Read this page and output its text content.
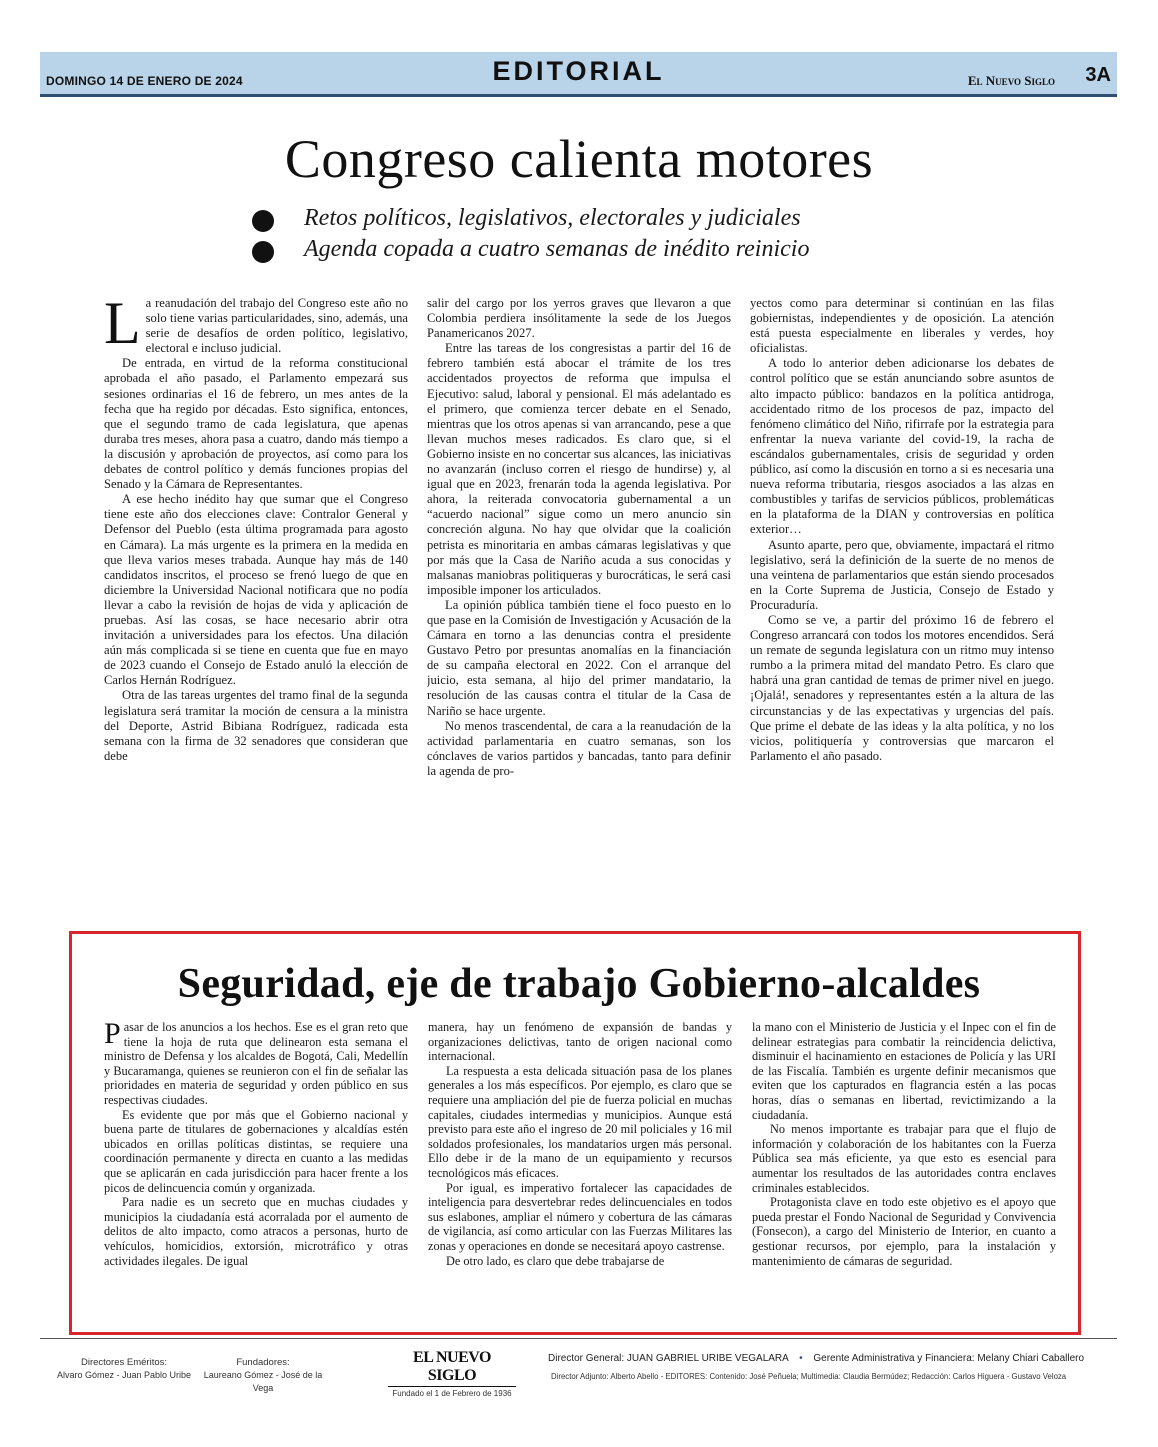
DOMINGO 14 DE ENERO DE 2024	EDITORIAL	El Nuevo Siglo 3A
Congreso calienta motores
Retos políticos, legislativos, electorales y judiciales
Agenda copada a cuatro semanas de inédito reinicio

La reanudación del trabajo del Congreso este año no solo tiene varias particularidades, sino, además, una serie de desafíos de orden político, legislativo, electoral e incluso judicial.

De entrada, en virtud de la reforma constitucional aprobada el año pasado, el Parlamento empezará sus sesiones ordinarias el 16 de febrero, un mes antes de la fecha que ha regido por décadas. Esto significa, entonces, que el segundo tramo de cada legislatura, que apenas duraba tres meses, ahora pasa a cuatro, dando más tiempo a la discusión y aprobación de proyectos, así como para los debates de control político y demás funciones propias del Senado y la Cámara de Representantes.

A ese hecho inédito hay que sumar que el Congreso tiene este año dos elecciones clave: Contralor General y Defensor del Pueblo (esta última programada para agosto en Cámara). La más urgente es la primera en la medida en que lleva varios meses trabada. Aunque hay más de 140 candidatos inscritos, el proceso se frenó luego de que en diciembre la Universidad Nacional notificara que no podía llevar a cabo la revisión de hojas de vida y aplicación de pruebas. Así las cosas, se hace necesario abrir otra invitación a universidades para los efectos. Una dilación aún más complicada si se tiene en cuenta que fue en mayo de 2023 cuando el Consejo de Estado anuló la elección de Carlos Hernán Rodríguez.

Otra de las tareas urgentes del tramo final de la segunda legislatura será tramitar la moción de censura a la ministra del Deporte, Astrid Bibiana Rodríguez, radicada esta semana con la firma de 32 senadores que consideran que debe

salir del cargo por los yerros graves que llevaron a que Colombia perdiera insólitamente la sede de los Juegos Panamericanos 2027.

Entre las tareas de los congresistas a partir del 16 de febrero también está abocar el trámite de los tres accidentados proyectos de reforma que impulsa el Ejecutivo: salud, laboral y pensional. El más adelantado es el primero, que comienza tercer debate en el Senado, mientras que los otros apenas si van arrancando, pese a que llevan muchos meses radicados. Es claro que, si el Gobierno insiste en no concertar sus alcances, las iniciativas no avanzarán (incluso corren el riesgo de hundirse) y, al igual que en 2023, frenarán toda la agenda legislativa. Por ahora, la reiterada convocatoria gubernamental a un “acuerdo nacional” sigue como un mero anuncio sin concreción alguna. No hay que olvidar que la coalición petrista es minoritaria en ambas cámaras legislativas y que por más que la Casa de Nariño acuda a sus conocidas y malsanas maniobras politiqueras y burocráticas, le será casi imposible imponer los articulados.

La opinión pública también tiene el foco puesto en lo que pase en la Comisión de Investigación y Acusación de la Cámara en torno a las denuncias contra el presidente Gustavo Petro por presuntas anomalías en la financiación de su campaña electoral en 2022. Con el arranque del juicio, esta semana, al hijo del primer mandatario, la resolución de las causas contra el titular de la Casa de Nariño se hace urgente.

No menos trascendental, de cara a la reanudación de la actividad parlamentaria en cuatro semanas, son los cónclaves de varios partidos y bancadas, tanto para definir la agenda de pro-

yectos como para determinar si continúan en las filas gobiernistas, independientes y de oposición. La atención está puesta especialmente en liberales y verdes, hoy oficialistas.

A todo lo anterior deben adicionarse los debates de control político que se están anunciando sobre asuntos de alto impacto público: bandazos en la política antidroga, accidentado ritmo de los procesos de paz, impacto del fenómeno climático del Niño, rifirrafe por la estrategia para enfrentar la nueva variante del covid-19, la racha de escándalos gubernamentales, crisis de seguridad y orden público, así como la discusión en torno a si es necesaria una nueva reforma tributaria, riesgos asociados a las alzas en combustibles y tarifas de servicios públicos, problemáticas en la plataforma de la DIAN y controversias en política exterior…

Asunto aparte, pero que, obviamente, impactará el ritmo legislativo, será la definición de la suerte de no menos de una veintena de parlamentarios que están siendo procesados en la Corte Suprema de Justicia, Consejo de Estado y Procuraduría.

Como se ve, a partir del próximo 16 de febrero el Congreso arrancará con todos los motores encendidos. Será un remate de segunda legislatura con un ritmo muy intenso rumbo a la primera mitad del mandato Petro. Es claro que habrá una gran cantidad de temas de primer nivel en juego. ¡Ojalá!, senadores y representantes estén a la altura de las circunstancias y de las expectativas y urgencias del país. Que prime el debate de las ideas y la alta política, y no los vicios, politiquería y controversias que marcaron el Parlamento el año pasado.

Seguridad, eje de trabajo Gobierno-alcaldes

Pasar de los anuncios a los hechos. Ese es el gran reto que tiene la hoja de ruta que delinearon esta semana el ministro de Defensa y los alcaldes de Bogotá, Cali, Medellín y Bucaramanga, quienes se reunieron con el fin de señalar las prioridades en materia de seguridad y orden público en sus respectivas ciudades.

Es evidente que por más que el Gobierno nacional y buena parte de titulares de gobernaciones y alcaldías estén ubicados en orillas políticas distintas, se requiere una coordinación permanente y directa en cuanto a las medidas que se aplicarán en cada jurisdicción para hacer frente a los picos de delincuencia común y organizada.

Para nadie es un secreto que en muchas ciudades y municipios la ciudadanía está acorralada por el aumento de delitos de alto impacto, como atracos a personas, hurto de vehículos, homicidios, extorsión, microtráfico y otras actividades ilegales. De igual

manera, hay un fenómeno de expansión de bandas y organizaciones delictivas, tanto de origen nacional como internacional.

La respuesta a esta delicada situación pasa de los planes generales a los más específicos. Por ejemplo, es claro que se requiere una ampliación del pie de fuerza policial en muchas capitales, ciudades intermedias y municipios. Aunque está previsto para este año el ingreso de 20 mil policiales y 16 mil soldados profesionales, los mandatarios urgen más personal. Ello debe ir de la mano de un equipamiento y recursos tecnológicos más eficaces.

Por igual, es imperativo fortalecer las capacidades de inteligencia para desvertebrar redes delincuenciales en todos sus eslabones, ampliar el número y cobertura de las cámaras de vigilancia, así como articular con las Fuerzas Militares las zonas y operaciones en donde se necesitará apoyo castrense.

De otro lado, es claro que debe trabajarse de

la mano con el Ministerio de Justicia y el Inpec con el fin de delinear estrategias para combatir la reincidencia delictiva, disminuir el hacinamiento en estaciones de Policía y las URI de las Fiscalía. También es urgente definir mecanismos que eviten que los capturados en flagrancia estén a las pocas horas, días o semanas en libertad, revictimizando a la ciudadanía.

No menos importante es trabajar para que el flujo de información y colaboración de los habitantes con la Fuerza Pública sea más eficiente, ya que esto es esencial para aumentar los resultados de las autoridades contra enclaves criminales establecidos.

Protagonista clave en todo este objetivo es el apoyo que pueda prestar el Fondo Nacional de Seguridad y Convivencia (Fonsecon), a cargo del Ministerio de Interior, en cuanto a gestionar recursos, por ejemplo, para la instalación y mantenimiento de cámaras de seguridad.

Directores Eméritos:
Alvaro Gómez - Juan Pablo Uribe
Fundadores:
Laureano Gómez - José de la Vega
EL NUEVO SIGLO
Fundado el 1 de Febrero de 1936
Director General: JUAN GABRIEL URIBE VEGALARA • Gerente Administrativa y Financiera: Melany Chiari Caballero
Director Adjunto: Alberto Abello - EDITORES: Contenido: José Peñuela; Multimedia: Claudia Bermúdez; Redacción: Carlos Higuera - Gustavo Veloza
